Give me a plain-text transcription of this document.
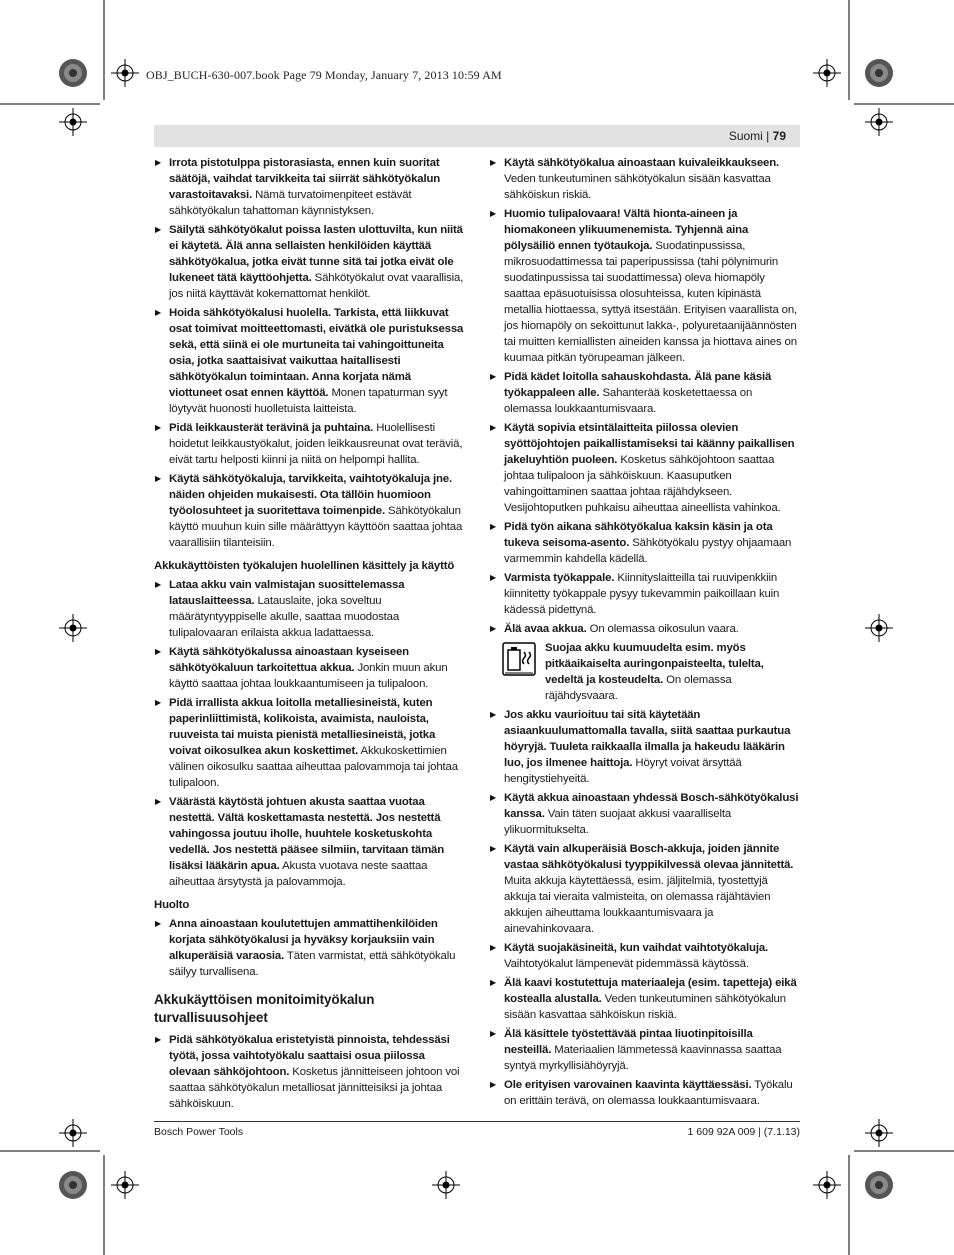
OBJ_BUCH-630-007.book Page 79 Monday, January 7, 2013 10:59 AM
Suomi | 79
▶ Irrota pistotulppa pistorasiasta, ennen kuin suoritat säätöjä, vaihdat tarvikkeita tai siirrät sähkötyökalun varastoitavaksi. Nämä turvatoimenpiteet estävät sähkötyökalun tahattoman käynnistyksen.
▶ Säilytä sähkötyökalut poissa lasten ulottuvilta, kun niitä ei käytetä. Älä anna sellaisten henkilöiden käyttää sähkötyökalua, jotka eivät tunne sitä tai jotka eivät ole lukeneet tätä käyttöohjetta. Sähkötyökalut ovat vaarallisia, jos niitä käyttävät kokemattomat henkilöt.
▶ Hoida sähkötyökalusi huolella. Tarkista, että liikkuvat osat toimivat moitteettomasti, eivätkä ole puristuksessa sekä, että siinä ei ole murtuneita tai vahingoittuneita osia, jotka saattaisivat vaikuttaa haitallisesti sähkötyökalun toimintaan. Anna korjata nämä viottuneet osat ennen käyttöä. Monen tapaturman syyt löytyvät huonosti huolletuista laitteista.
▶ Pidä leikkausterät terävinä ja puhtaina. Huolellisesti hoidetut leikkaustyökalut, joiden leikkausreunat ovat teräviä, eivät tartu helposti kiinni ja niitä on helpompi hallita.
▶ Käytä sähkötyökaluja, tarvikkeita, vaihtotyökaluja jne. näiden ohjeiden mukaisesti. Ota tällöin huomioon työolosuhteet ja suoritettava toimenpide. Sähkötyökalun käyttö muuhun kuin sille määrättyyn käyttöön saattaa johtaa vaarallisiin tilanteisiin.
Akkukäyttöisten työkalujen huolellinen käsittely ja käyttö
▶ Lataa akku vain valmistajan suosittelemassa latauslaitteessa. Latauslaite, joka soveltuu määrätyntyyppiselle akulle, saattaa muodostaa tulipalovaaran erilaista akkua ladattaessa.
▶ Käytä sähkötyökalussa ainoastaan kyseiseen sähkötyökaluun tarkoitettua akkua. Jonkin muun akun käyttö saattaa johtaa loukkaantumiseen ja tulipaloon.
▶ Pidä irrallista akkua loitolla metalliesineistä, kuten paperinliittimistä, kolikoista, avaimista, nauloista, ruuveista tai muista pienistä metalliesineistä, jotka voivat oikosulkea akun koskettimet. Akkukoskettimien välinen oikosulku saattaa aiheuttaa palovammoja tai johtaa tulipaloon.
▶ Väärästä käytöstä johtuen akusta saattaa vuotaa nestettä. Vältä koskettamasta nestettä. Jos nestettä vahingossa joutuu iholle, huuhtele kosketuskohta vedellä. Jos nestettä pääsee silmiin, tarvitaan tämän lisäksi lääkärin apua. Akusta vuotava neste saattaa aiheuttaa ärsytystä ja palovammoja.
Huolto
▶ Anna ainoastaan koulutettujen ammattihenkilöiden korjata sähkötyökalusi ja hyväksy korjauksiin vain alkuperäisiä varaosia. Täten varmistat, että sähkötyökalu säilyy turvallisena.
Akkukäyttöisen monitoimityökalun turvallisuusohjeet
▶ Pidä sähkötyökalua eristetyistä pinnoista, tehdessäsi työtä, jossa vaihtotyökalu saattaisi osua piilossa olevaan sähköjohtoon. Kosketus jännitteiseen johtoon voi saattaa sähkötyökalun metalliosat jännitteisiksi ja johtaa sähköiskuun.
▶ Käytä sähkötyökalua ainoastaan kuivaleikkaukseen. Veden tunkeutuminen sähkötyökalun sisään kasvattaa sähköiskun riskiä.
▶ Huomio tulipalovaara! Vältä hionta-aineen ja hiomakoneen ylikuumenemista. Tyhjennä aina pölysäiliö ennen työtaukoja. Suodatinpussissa, mikrosuodattimessa tai paperipussissa (tahi pölynimurin suodatinpussissa tai suodattimessa) oleva hiomapöly saattaa epäsuotuisissa olosuhteissa, kuten kipinästä metallia hiottaessa, syttyä itsestään. Erityisen vaarallista on, jos hiomapöly on sekoittunut lakka-, polyuretaanijäännösten tai muitten kemiallisten aineiden kanssa ja hiottava aines on kuumaa pitkän työrupeaman jälkeen.
▶ Pidä kädet loitolla sahauskohdasta. Älä pane käsiä työkappaleen alle. Sahanterää kosketettaessa on olemassa loukkaantumisvaara.
▶ Käytä sopivia etsintälaitteita piilossa olevien syöttöjohtojen paikallistamiseksi tai käänny paikallisen jakeluyhtiön puoleen. Kosketus sähköjohtoon saattaa johtaa tulipaloon ja sähköiskuun. Kaasuputken vahingoittaminen saattaa johtaa räjähdykseen. Vesijohtoputken puhkaisu aiheuttaa aineellista vahinkoa.
▶ Pidä työn aikana sähkötyökalua kaksin käsin ja ota tukeva seisoma-asento. Sähkötyökalu pystyy ohjaamaan varmemmin kahdella kädellä.
▶ Varmista työkappale. Kiinnityslaitteilla tai ruuvipenkkiin kiinnitetty työkappale pysyy tukevammin paikoillaan kuin kädessä pidettynä.
▶ Älä avaa akkua. On olemassa oikosulun vaara.
Suojaa akku kuumuudelta esim. myös pitkäaikaiselta auringonpaisteelta, tulelta, vedeltä ja kosteudelta. On olemassa räjähdysvaara.
▶ Jos akku vaurioituu tai sitä käytetään asiaankuulumattomalla tavalla, siitä saattaa purkautua höyryjä. Tuuleta raikkaalla ilmalla ja hakeudu lääkärin luo, jos ilmenee haittoja. Höyryt voivat ärsyttää hengitystiehyeitä.
▶ Käytä akkua ainoastaan yhdessä Bosch-sähkötyökalusi kanssa. Vain täten suojaat akkusi vaaralliselta ylikuormitukselta.
▶ Käytä vain alkuperäisiä Bosch-akkuja, joiden jännite vastaa sähkötyökalusi tyyppikilvessä olevaa jännitettä. Muita akkuja käytettäessä, esim. jäljitelmiä, tyostettyjä akkuja tai vieraita valmisteita, on olemassa räjähtävien akkujen aiheuttama loukkaantumisvaara ja ainevahinkovaara.
▶ Käytä suojakäsineitä, kun vaihdat vaihtotyökaluja. Vaihtotyökalut lämpenevät pidemmässä käytössä.
▶ Älä kaavi kostutettuja materiaaleja (esim. tapetteja) eikä kostealla alustalla. Veden tunkeutuminen sähkötyökalun sisään kasvattaa sähköiskun riskiä.
▶ Älä käsittele työstettävää pintaa liuotinpitoisilla nesteillä. Materiaalien lämmetessä kaavinnassa saattaa syntyä myrkyllisiähöyryjä.
▶ Ole erityisen varovainen kaavinta käyttäessäsi. Työkalu on erittäin terävä, on olemassa loukkaantumisvaara.
Bosch Power Tools	1 609 92A 009 | (7.1.13)
